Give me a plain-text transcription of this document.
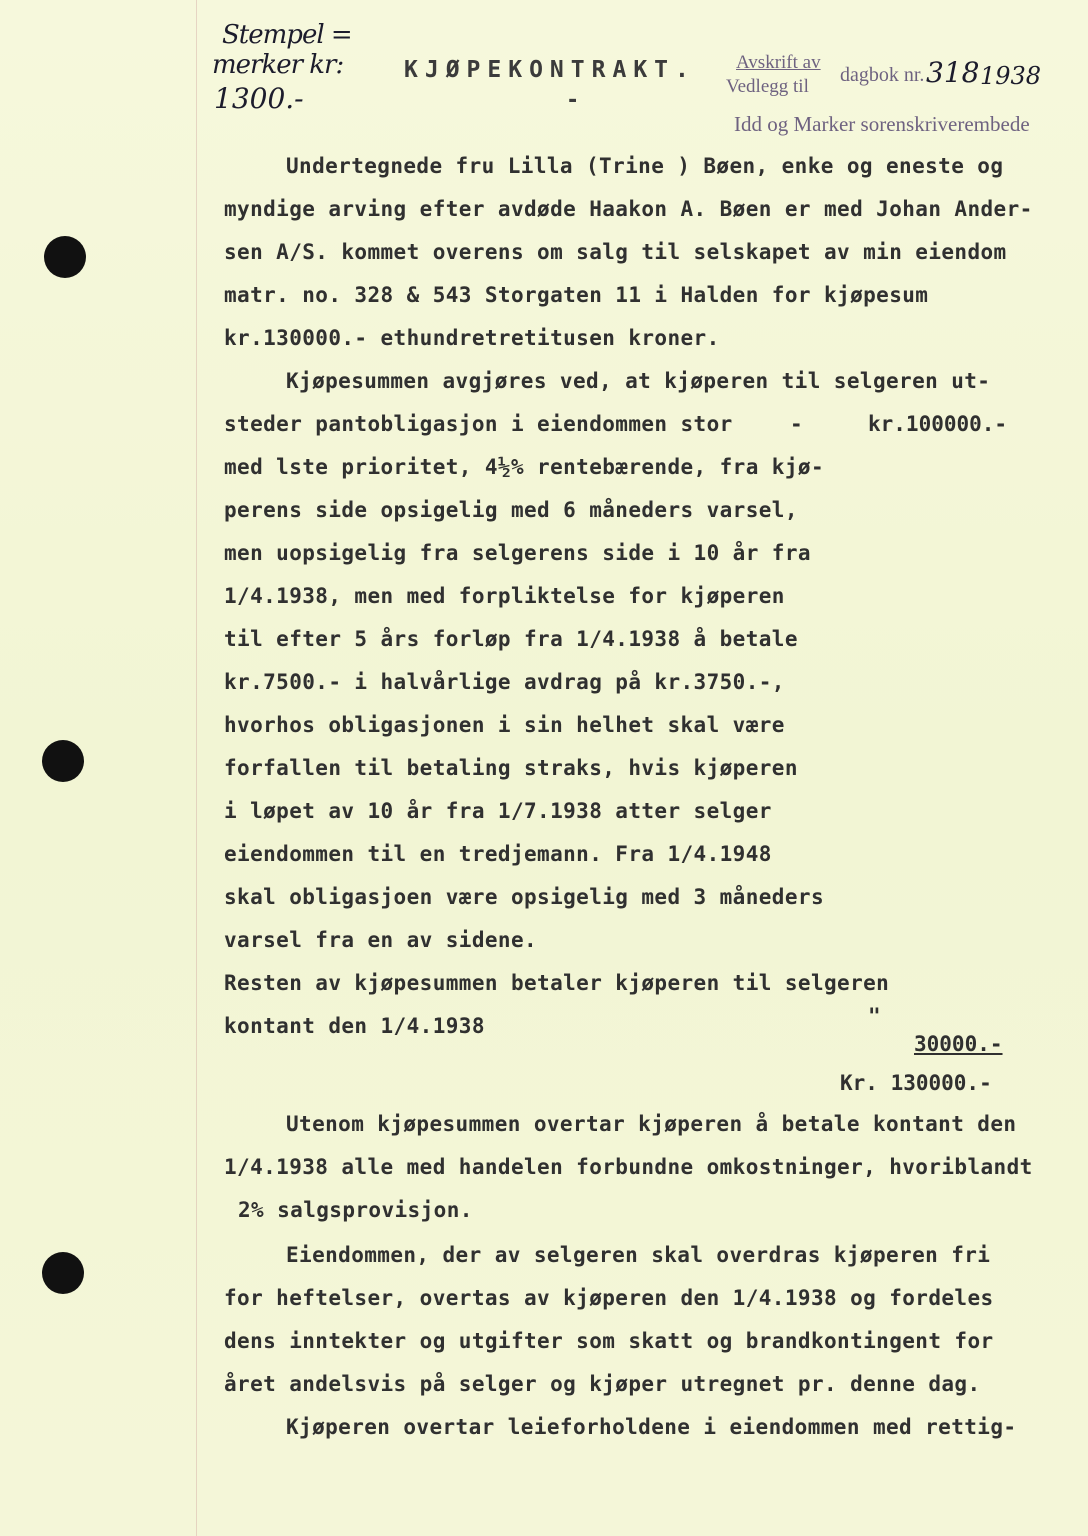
Stempel =
merker kr:
1300.-
KJØPEKONTRAKT.
-
Avskrift av
Vedlegg til
dagbok nr. 318 1938
Idd og Marker sorenskriverembede
Undertegnede fru Lilla (Trine ) Bøen, enke og eneste og
myndige arving efter avdøde Haakon A. Bøen er med Johan Ander-
sen A/S. kommet overens om salg til selskapet av min eiendom
matr. no. 328 & 543 Storgaten 11 i Halden for kjøpesum
kr.130000.- ethundretretitusen kroner.
Kjøpesummen avgjøres ved, at kjøperen til selgeren ut-
steder pantobligasjon i eiendommen stor	-	kr.100000.-
med lste prioritet, 4½% rentebærende, fra kjø-
perens side opsigelig med 6 måneders varsel,
men uopsigelig fra selgerens side i 10 år fra
1/4.1938, men med forpliktelse for kjøperen
til efter 5 års forløp fra 1/4.1938 å betale
kr.7500.- i halvårlige avdrag på kr.3750.-,
hvorhos obligasjonen i sin helhet skal være
forfallen til betaling straks, hvis kjøperen
i løpet av 10 år fra 1/7.1938 atter selger
eiendommen til en tredjemann. Fra 1/4.1948
skal obligasjoen være opsigelig med 3 måneders
varsel fra en av sidene.
Resten av kjøpesummen betaler kjøperen til selgeren
kontant den 1/4.1938	"
30000.-
Kr. 130000.-
Utenom kjøpesummen overtar kjøperen å betale kontant den
1/4.1938 alle med handelen forbundne omkostninger, hvoriblandt
2% salgsprovisjon.
Eiendommen, der av selgeren skal overdras kjøperen fri
for heftelser, overtas av kjøperen den 1/4.1938 og fordeles
dens inntekter og utgifter som skatt og brandkontingent for
året andelsvis på selger og kjøper utregnet pr. denne dag.
Kjøperen overtar leieforholdene i eiendommen med rettig-
